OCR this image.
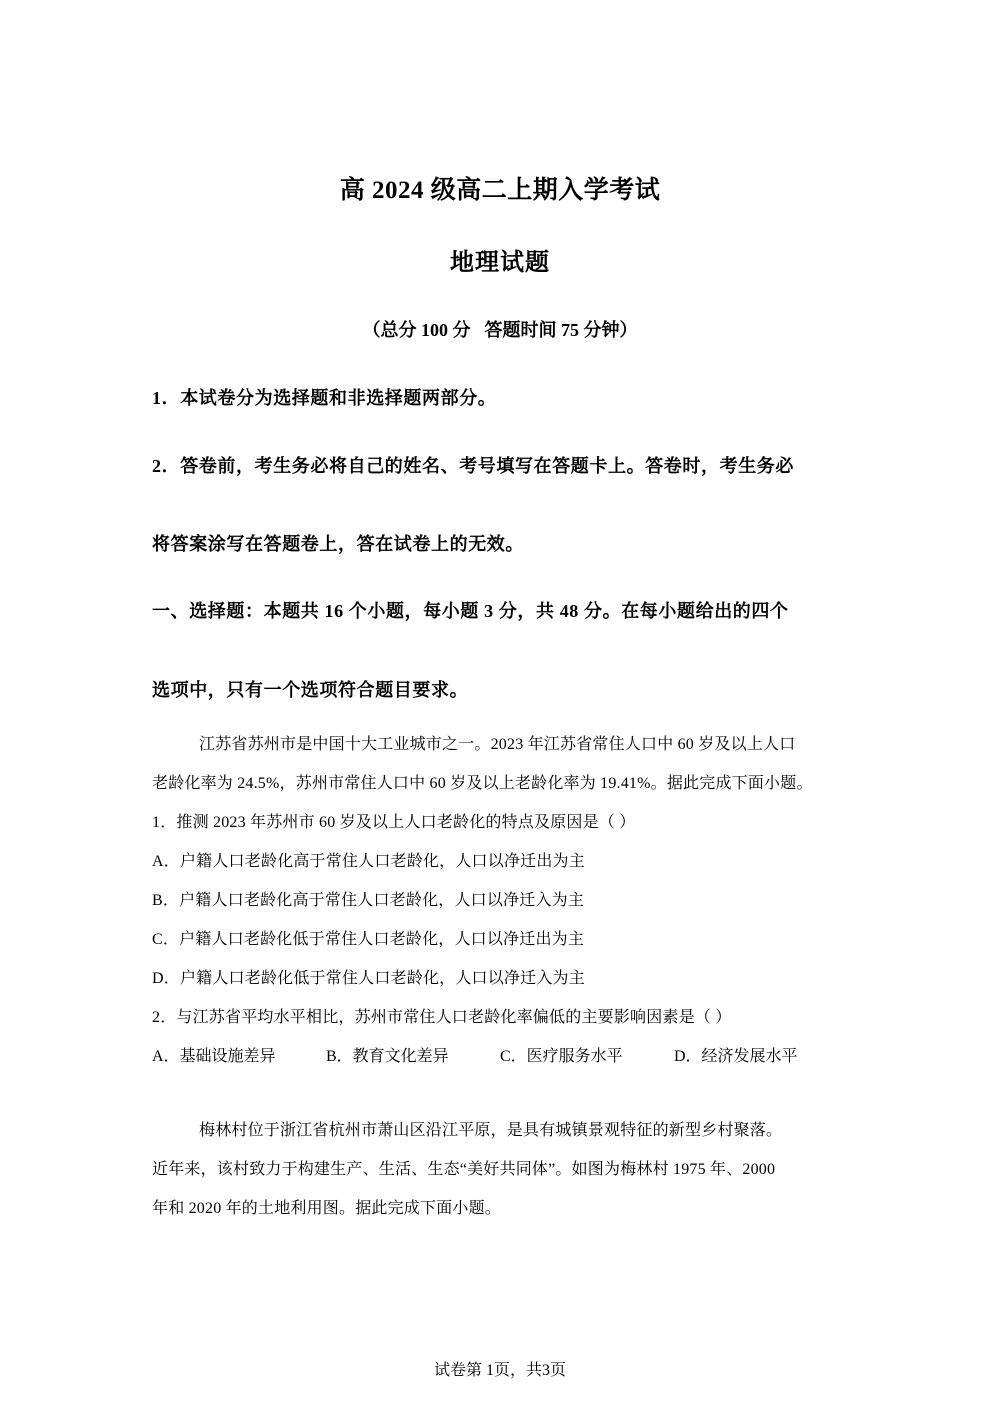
高 2024 级高二上期入学考试
地理试题
（总分 100 分 答题时间 75 分钟）
1．本试卷分为选择题和非选择题两部分。
2．答卷前，考生务必将自己的姓名、考号填写在答题卡上。答卷时，考生务必
将答案涂写在答题卷上，答在试卷上的无效。
一、选择题：本题共 16 个小题，每小题 3 分，共 48 分。在每小题给出的四个
选项中，只有一个选项符合题目要求。
江苏省苏州市是中国十大工业城市之一。2023 年江苏省常住人口中 60 岁及以上人口
老龄化率为 24.5%，苏州市常住人口中 60 岁及以上老龄化率为 19.41%。据此完成下面小题。
1．推测 2023 年苏州市 60 岁及以上人口老龄化的特点及原因是（ ）
A．户籍人口老龄化高于常住人口老龄化，人口以净迁出为主
B．户籍人口老龄化高于常住人口老龄化，人口以净迁入为主
C．户籍人口老龄化低于常住人口老龄化，人口以净迁出为主
D．户籍人口老龄化低于常住人口老龄化，人口以净迁入为主
2．与江苏省平均水平相比，苏州市常住人口老龄化率偏低的主要影响因素是（ ）
A．基础设施差异	B．教育文化差异	C．医疗服务水平	D．经济发展水平
梅林村位于浙江省杭州市萧山区沿江平原，是具有城镇景观特征的新型乡村聚落。
近年来，该村致力于构建生产、生活、生态“美好共同体”。如图为梅林村 1975 年、2000
年和 2020 年的土地利用图。据此完成下面小题。
试卷第 1页，共3页
